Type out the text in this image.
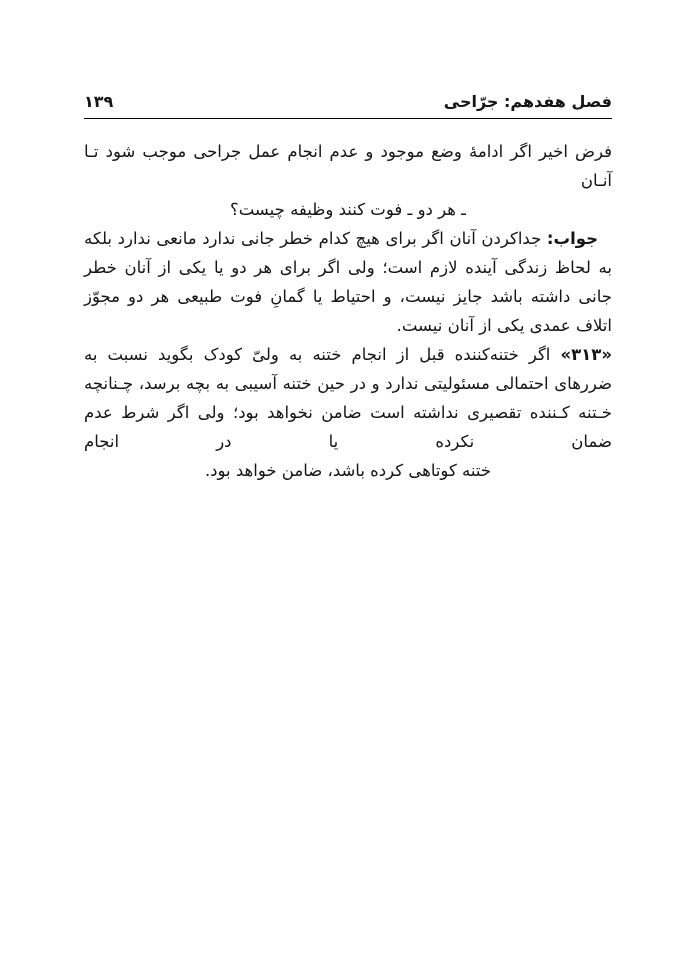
فصل هفدهم: جرّاحی
۱۳۹

فرض اخیر اگر ادامهٔ وضع موجود و عدم انجام عمل جراحی موجب شود تـا آنـان

ـ هر دو ـ فوت کنند وظیفه چیست؟

جواب: جداکردن آنان اگر برای هیچ کدام خطر جانی ندارد مانعی ندارد بلکه به لحاظ زندگی آینده لازم است؛ ولی اگر برای هر دو یا یکی از آنان خطر جانی داشته باشد جایز نیست، و احتیاط یا گمانِ فوت طبیعی هر دو مجوّز اتلاف عمدی یکی از آنان نیست.

«۳۱۳» اگر ختنه‌کننده قبل از انجام ختنه به ولیّ کودک بگوید نسبت به ضررهای احتمالی مسئولیتی ندارد و در حین ختنه آسیبی به بچه برسد، چـنانچه خـتنه کـننده تقصیری نداشته است ضامن نخواهد بود؛ ولی اگر شرط عدم ضمان نکرده یا در انجام

ختنه کوتاهی کرده باشد، ضامن خواهد بود.
